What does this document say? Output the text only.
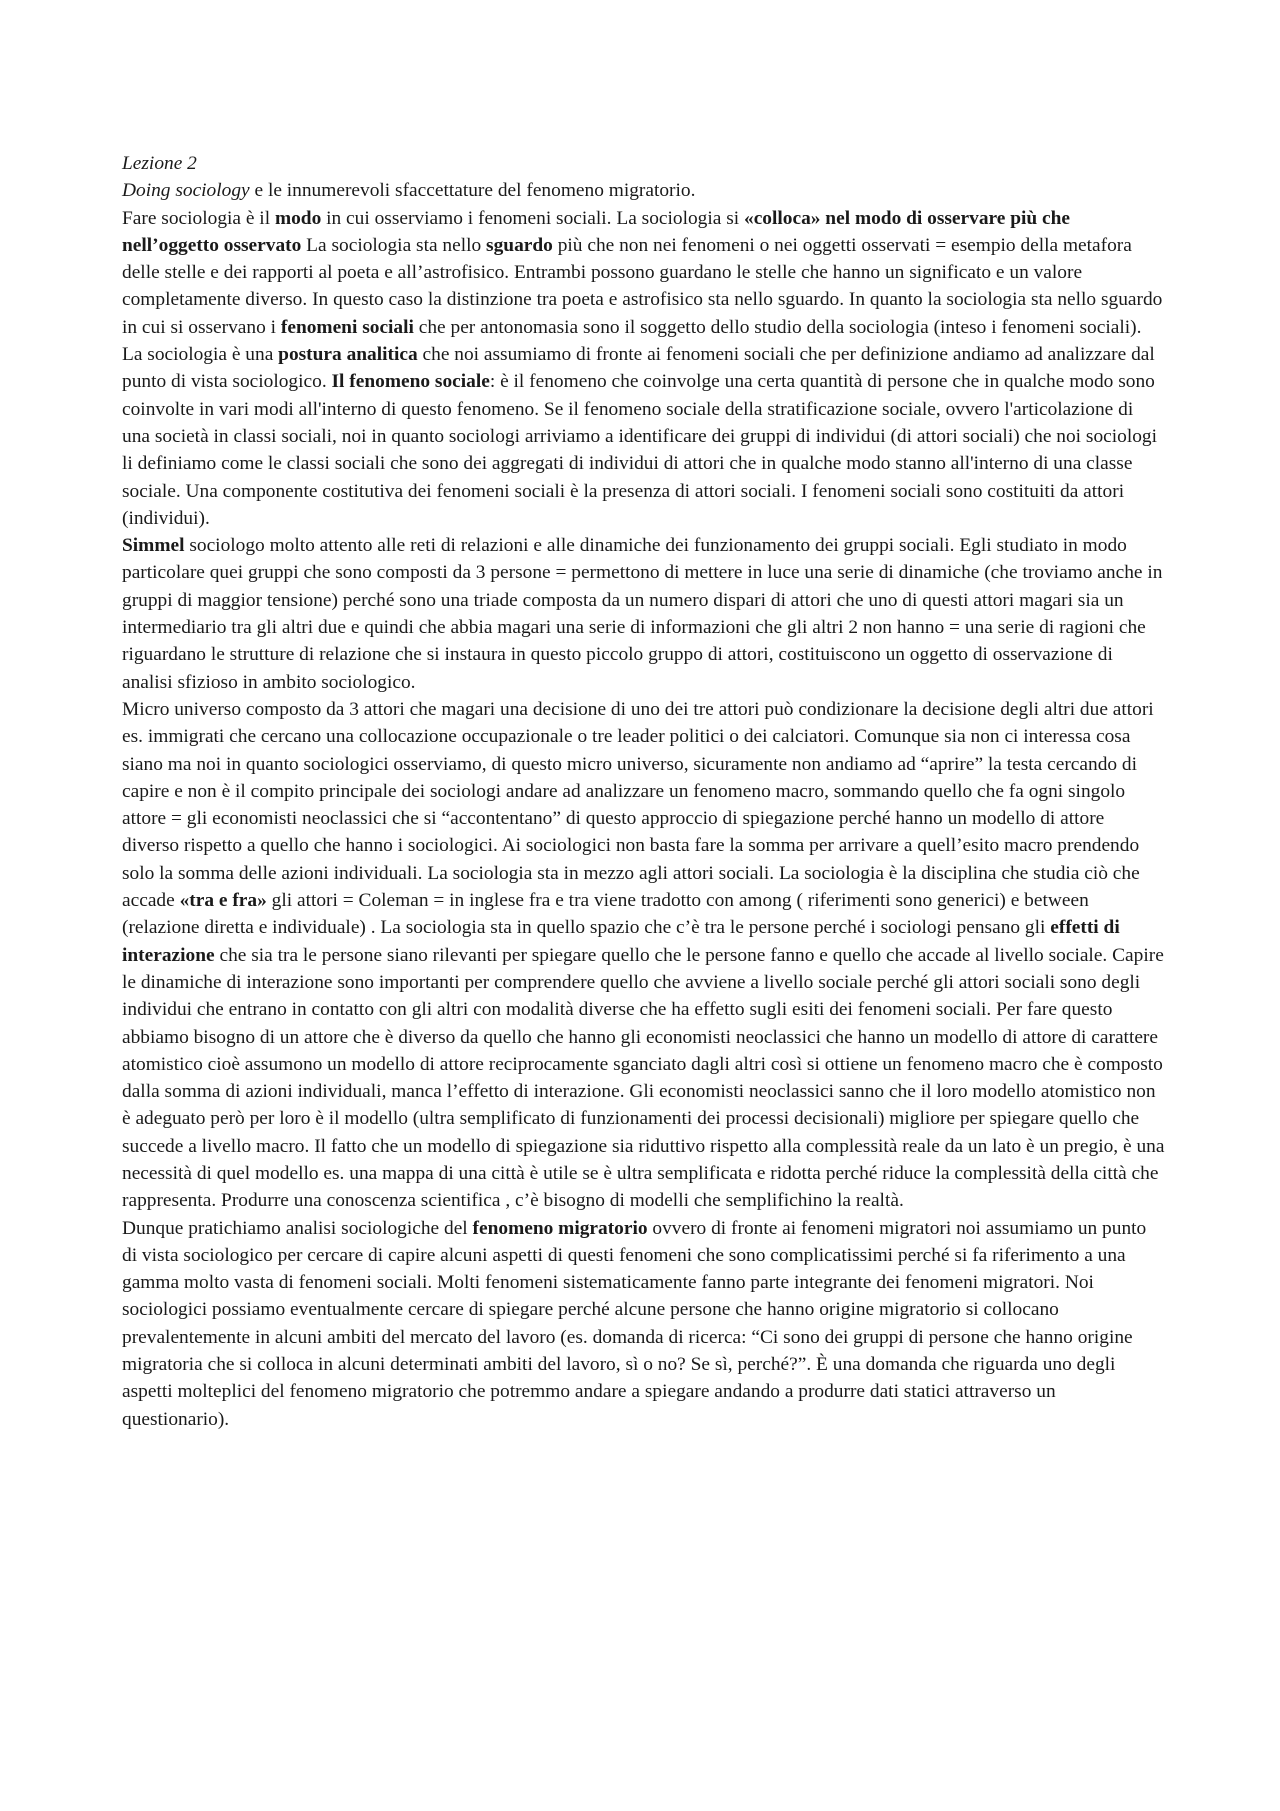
Lezione 2

Doing sociology e le innumerevoli sfaccettature del fenomeno migratorio.

Fare sociologia è il modo in cui osserviamo i fenomeni sociali. La sociologia si «colloca» nel modo di osservare più che nell’oggetto osservato La sociologia sta nello sguardo più che non nei fenomeni o nei oggetti osservati = esempio della metafora delle stelle e dei rapporti al poeta e all’astrofisico. Entrambi possono guardano le stelle che hanno un significato e un valore completamente diverso. In questo caso la distinzione tra poeta e astrofisico sta nello sguardo. In quanto la sociologia sta nello sguardo in cui si osservano i fenomeni sociali che per antonomasia sono il soggetto dello studio della sociologia (inteso i fenomeni sociali). La sociologia è una postura analitica che noi assumiamo di fronte ai fenomeni sociali che per definizione andiamo ad analizzare dal punto di vista sociologico. Il fenomeno sociale: è il fenomeno che coinvolge una certa quantità di persone che in qualche modo sono coinvolte in vari modi all'interno di questo fenomeno. Se il fenomeno sociale della stratificazione sociale, ovvero l'articolazione di una società in classi sociali, noi in quanto sociologi arriviamo a identificare dei gruppi di individui (di attori sociali) che noi sociologi li definiamo come le classi sociali che sono dei aggregati di individui di attori che in qualche modo stanno all'interno di una classe sociale. Una componente costitutiva dei fenomeni sociali è la presenza di attori sociali. I fenomeni sociali sono costituiti da attori (individui).

Simmel sociologo molto attento alle reti di relazioni e alle dinamiche dei funzionamento dei gruppi sociali. Egli studiato in modo particolare quei gruppi che sono composti da 3 persone = permettono di mettere in luce una serie di dinamiche (che troviamo anche in gruppi di maggior tensione) perché sono una triade composta da un numero dispari di attori che uno di questi attori magari sia un intermediario tra gli altri due e quindi che abbia magari una serie di informazioni che gli altri 2 non hanno = una serie di ragioni che riguardano le strutture di relazione che si instaura in questo piccolo gruppo di attori, costituiscono un oggetto di osservazione di analisi sfizioso in ambito sociologico.

Micro universo composto da 3 attori che magari una decisione di uno dei tre attori può condizionare la decisione degli altri due attori es. immigrati che cercano una collocazione occupazionale o tre leader politici o dei calciatori. Comunque sia non ci interessa cosa siano ma noi in quanto sociologici osserviamo, di questo micro universo, sicuramente non andiamo ad “aprire” la testa cercando di capire e non è il compito principale dei sociologi andare ad analizzare un fenomeno macro, sommando quello che fa ogni singolo attore = gli economisti neoclassici che si “accontentano” di questo approccio di spiegazione perché hanno un modello di attore diverso rispetto a quello che hanno i sociologici. Ai sociologici non basta fare la somma per arrivare a quell’esito macro prendendo solo la somma delle azioni individuali. La sociologia sta in mezzo agli attori sociali. La sociologia è la disciplina che studia ciò che accade «tra e fra» gli attori = Coleman = in inglese fra e tra viene tradotto con among ( riferimenti sono generici) e between (relazione diretta e individuale) . La sociologia sta in quello spazio che c’è tra le persone perché i sociologi pensano gli effetti di interazione che sia tra le persone siano rilevanti per spiegare quello che le persone fanno e quello che accade al livello sociale. Capire le dinamiche di interazione sono importanti per comprendere quello che avviene a livello sociale perché gli attori sociali sono degli individui che entrano in contatto con gli altri con modalità diverse che ha effetto sugli esiti dei fenomeni sociali. Per fare questo abbiamo bisogno di un attore che è diverso da quello che hanno gli economisti neoclassici che hanno un modello di attore di carattere atomistico cioè assumono un modello di attore reciprocamente sganciato dagli altri così si ottiene un fenomeno macro che è composto dalla somma di azioni individuali, manca l’effetto di interazione. Gli economisti neoclassici sanno che il loro modello atomistico non è adeguato però per loro è il modello (ultra semplificato di funzionamenti dei processi decisionali) migliore per spiegare quello che succede a livello macro. Il fatto che un modello di spiegazione sia riduttivo rispetto alla complessità reale da un lato è un pregio, è una necessità di quel modello es. una mappa di una città è utile se è ultra semplificata e ridotta perché riduce la complessità della città che rappresenta. Produrre una conoscenza scientifica , c’è bisogno di modelli che semplifichino la realtà.

Dunque pratichiamo analisi sociologiche del fenomeno migratorio ovvero di fronte ai fenomeni migratori noi assumiamo un punto di vista sociologico per cercare di capire alcuni aspetti di questi fenomeni che sono complicatissimi perché si fa riferimento a una gamma molto vasta di fenomeni sociali. Molti fenomeni sistematicamente fanno parte integrante dei fenomeni migratori. Noi sociologici possiamo eventualmente cercare di spiegare perché alcune persone che hanno origine migratorio si collocano prevalentemente in alcuni ambiti del mercato del lavoro (es. domanda di ricerca: “Ci sono dei gruppi di persone che hanno origine migratoria che si colloca in alcuni determinati ambiti del lavoro, sì o no? Se sì, perché?”. È una domanda che riguarda uno degli aspetti molteplici del fenomeno migratorio che potremmo andare a spiegare andando a produrre dati statici attraverso un questionario).
